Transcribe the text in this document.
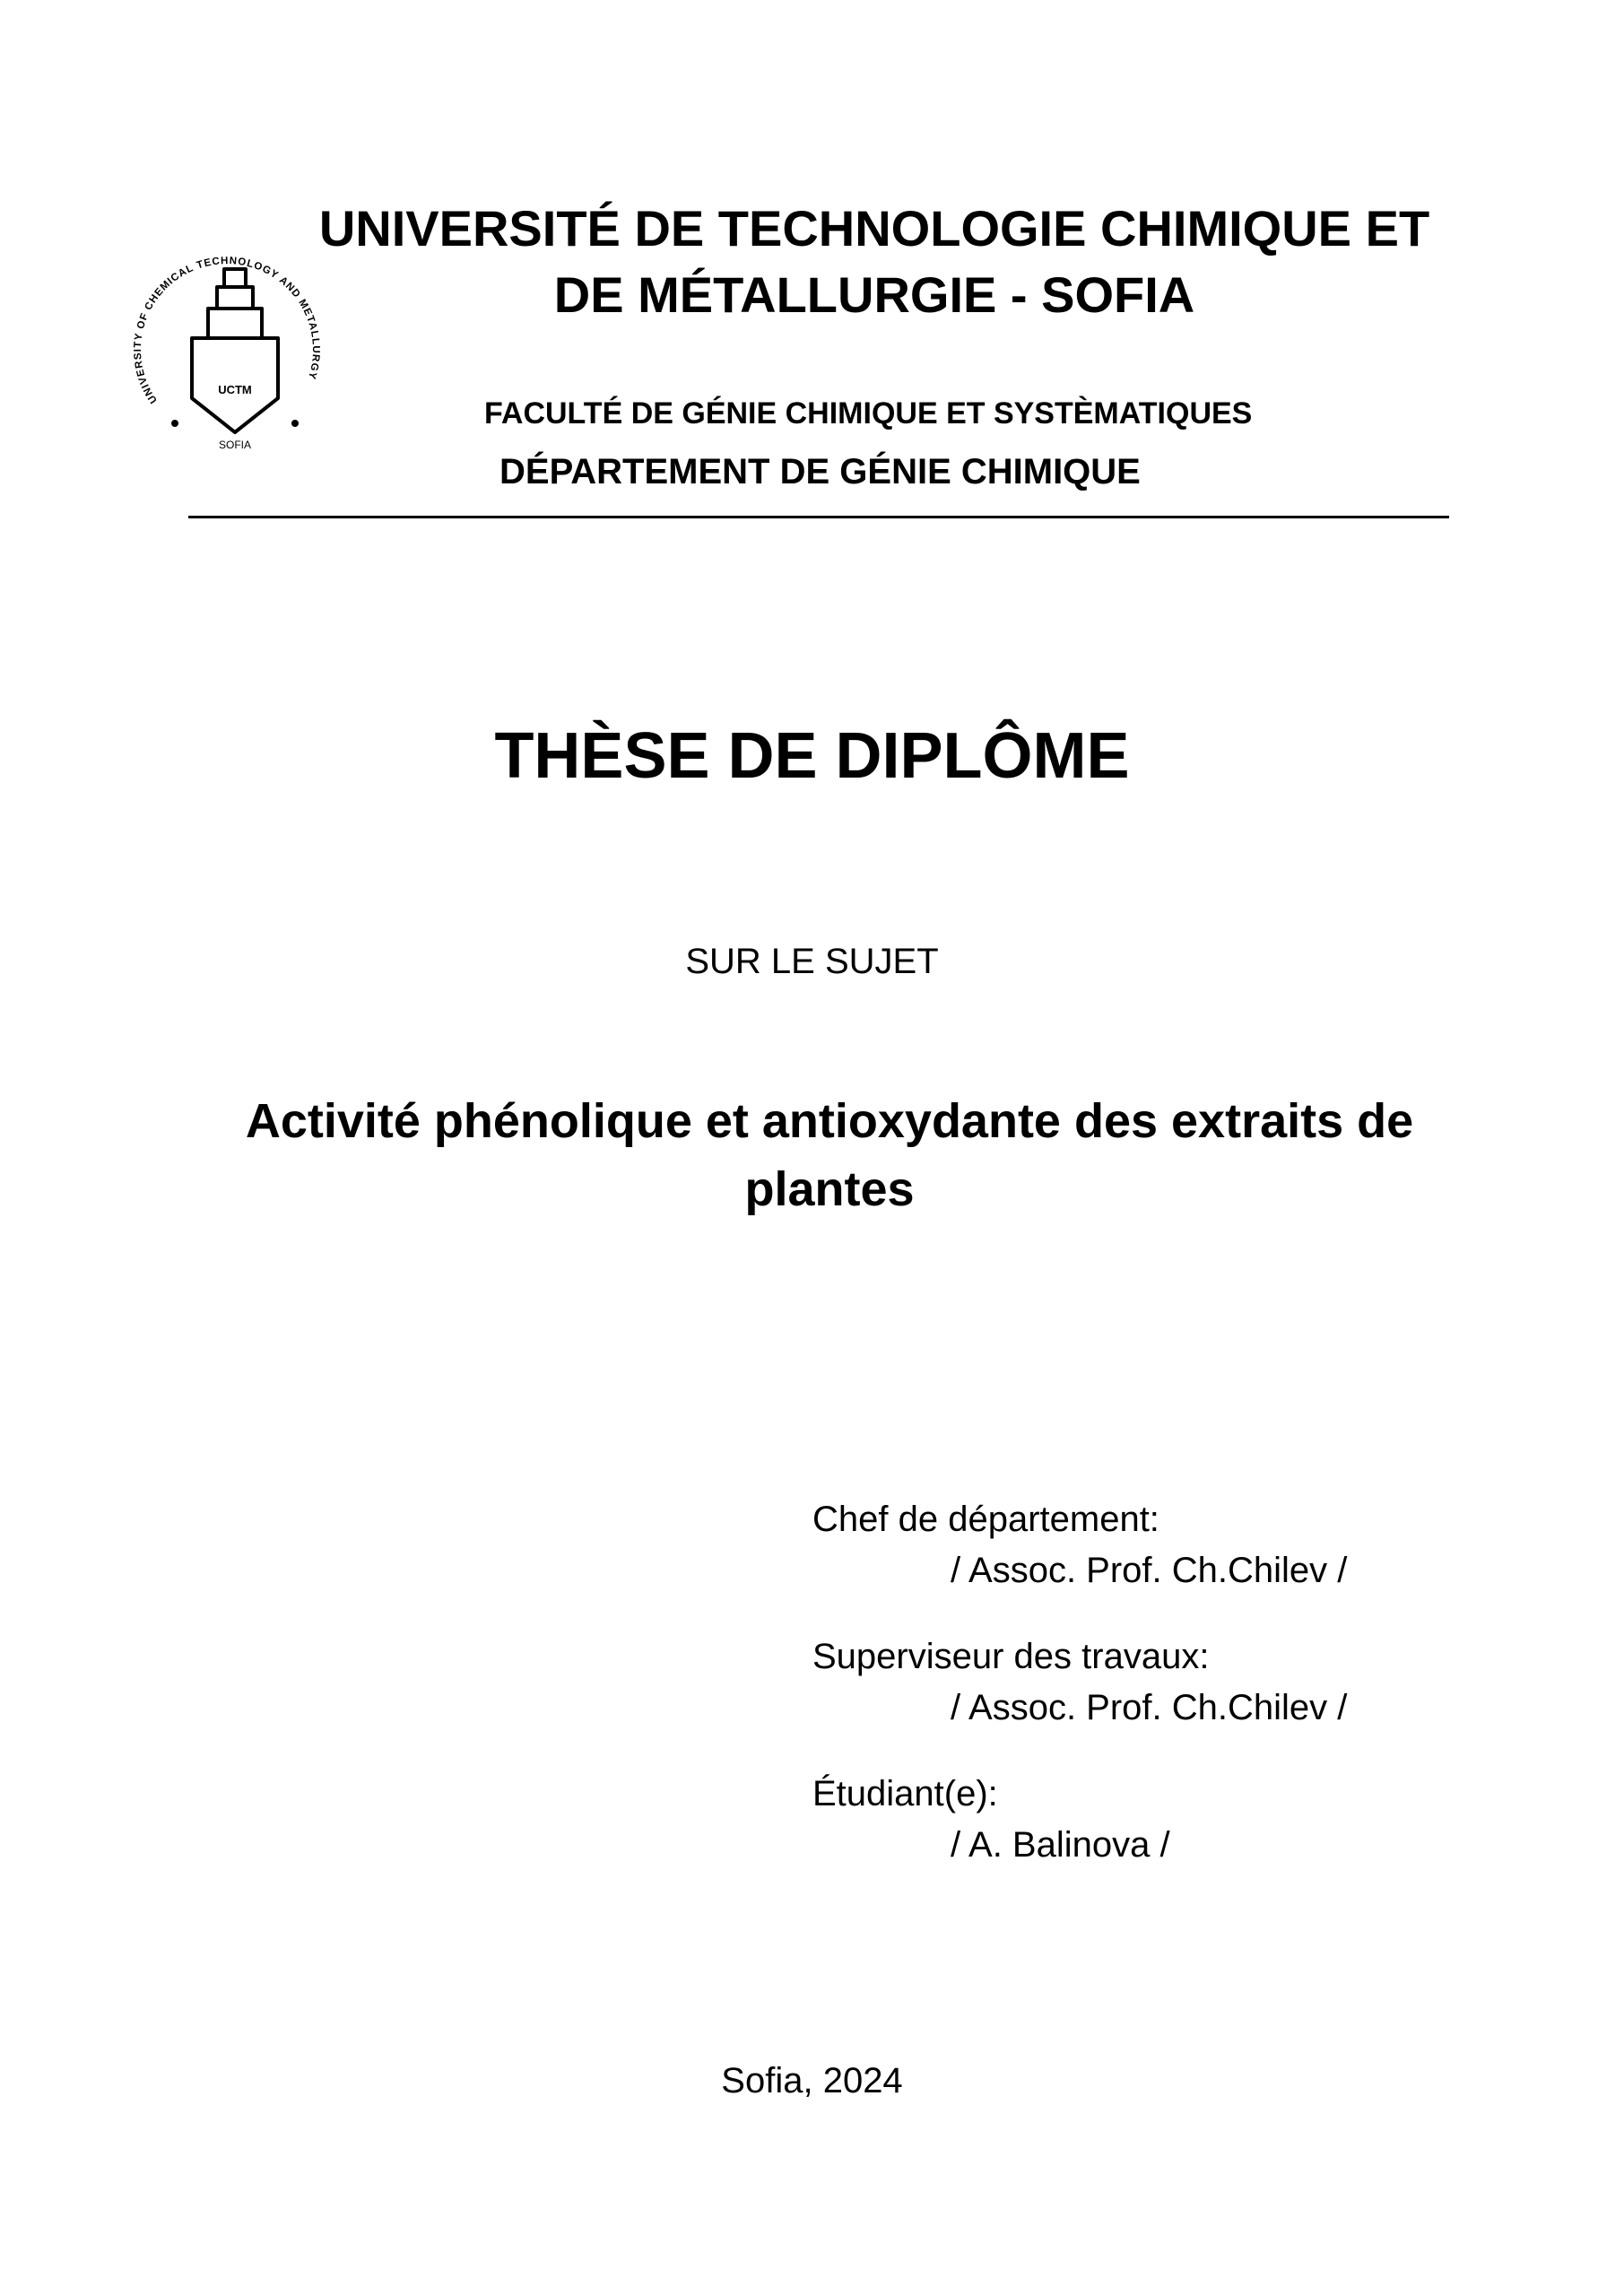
UNIVERSITY OF CHEMICAL TECHNOLOGY AND METALLURGY
UCTM
SOFIA
UNIVERSITÉ DE TECHNOLOGIE CHIMIQUE ET
DE MÉTALLURGIE - SOFIA
FACULTÉ DE GÉNIE CHIMIQUE ET SYSTÈMATIQUES
DÉPARTEMENT DE GÉNIE CHIMIQUE
THÈSE DE DIPLÔME
SUR LE SUJET
Activité phénolique et antioxydante des extraits de
plantes
Chef de département:
/ Assoc. Prof. Ch.Chilev /
Superviseur des travaux:
/ Assoc. Prof. Ch.Chilev /
Étudiant(e):
/ A. Balinova /
Sofia, 2024
